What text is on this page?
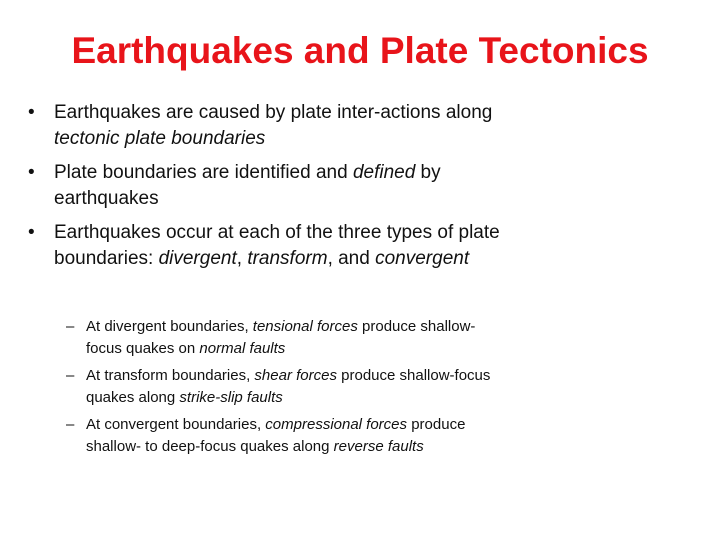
Earthquakes and Plate Tectonics
• Earthquakes are caused by plate inter-actions along tectonic plate boundaries
• Plate boundaries are identified and defined by earthquakes
• Earthquakes occur at each of the three types of plate boundaries: divergent, transform, and convergent
– At divergent boundaries, tensional forces produce shallow-focus quakes on normal faults
– At transform boundaries, shear forces produce shallow-focus quakes along strike-slip faults
– At convergent boundaries, compressional forces produce shallow- to deep-focus quakes along reverse faults
